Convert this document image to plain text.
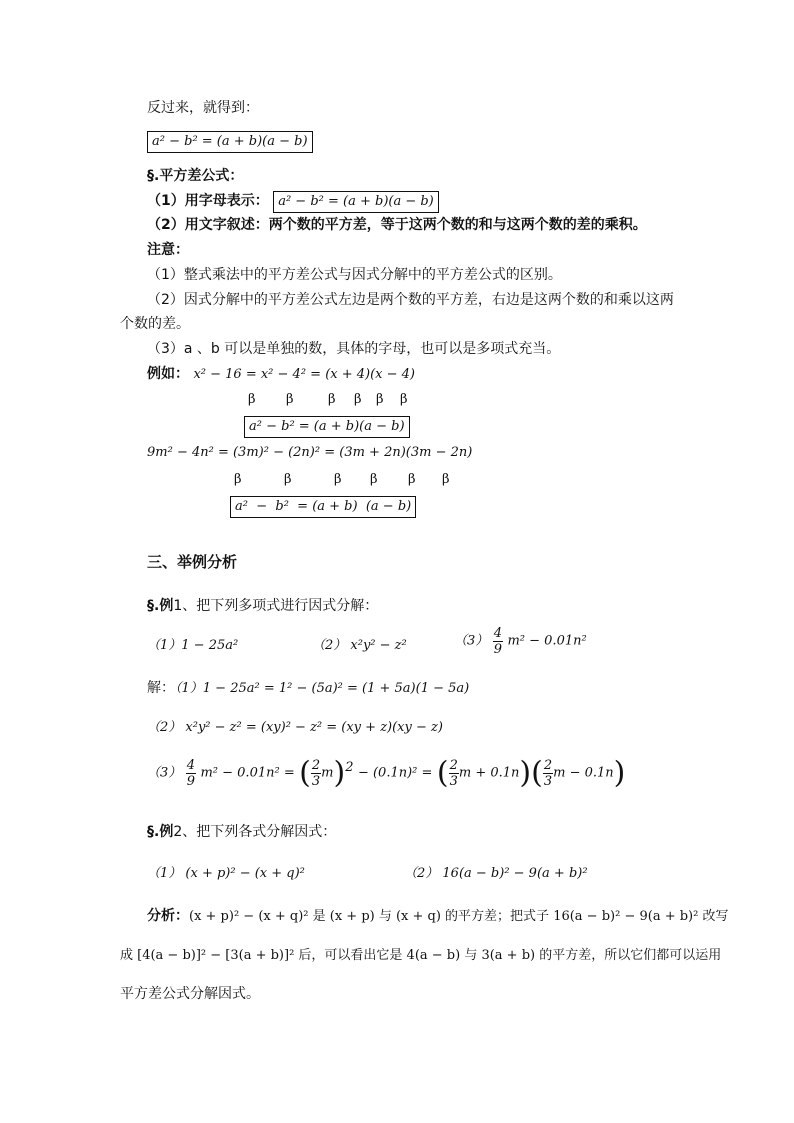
反过来，就得到：
a² − b² = (a + b)(a − b)
§.平方差公式：
（1）用字母表示： a² − b² = (a + b)(a − b)
（2）用文字叙述：两个数的平方差，等于这两个数的和与这两个数的差的乘积。
注意：
（1）整式乘法中的平方差公式与因式分解中的平方差公式的区别。
（2）因式分解中的平方差公式左边是两个数的平方差，右边是这两个数的和乘以这两
个数的差。
（3）a 、b 可以是单独的数，具体的字母，也可以是多项式充当。
例如： x² − 16 = x² − 4² = (x + 4)(x − 4)
β β	β β β β
a² − b² = (a + b)(a − b)
9m² − 4n² = (3m)² − (2n)² = (3m + 2n)(3m − 2n)
β	β	β β β β
a²  −  b²  = (a + b)  (a − b)
三、举例分析
§.例1、把下列多项式进行因式分解：
（1）1 − 25a²	（2） x²y² − z²	$(3) \frac{4}{9} m^2 - 0.01n^2$
解：（1）1 − 25a² = 1² − (5a)² = (1 + 5a)(1 − 5a)
（2） x²y² − z² = (xy)² − z² = (xy + z)(xy − z)
$(3) \frac{4}{9} m^2 - 0.01n^2$ = ( $\frac{2}{3} m)^2 - (0.1n)^2$ = ( $\frac{2}{3}$ $m + 0.1n)( \frac{2}{3}$ m − 0.1n)
§.例2、把下列各式分解因式：
（1） (x + p)² − (x + q)²	（2） 16(a − b)² − 9(a + b)²
分析：(x + p)² − (x + q)² 是 (x + p) 与 (x + q) 的平方差；把式子 16(a − b)² − 9(a + b)² 改写
成 [4(a − b)]² − [3(a + b)]² 后，可以看出它是 4(a − b) 与 3(a + b) 的平方差，所以它们都可以运用
平方差公式分解因式。
